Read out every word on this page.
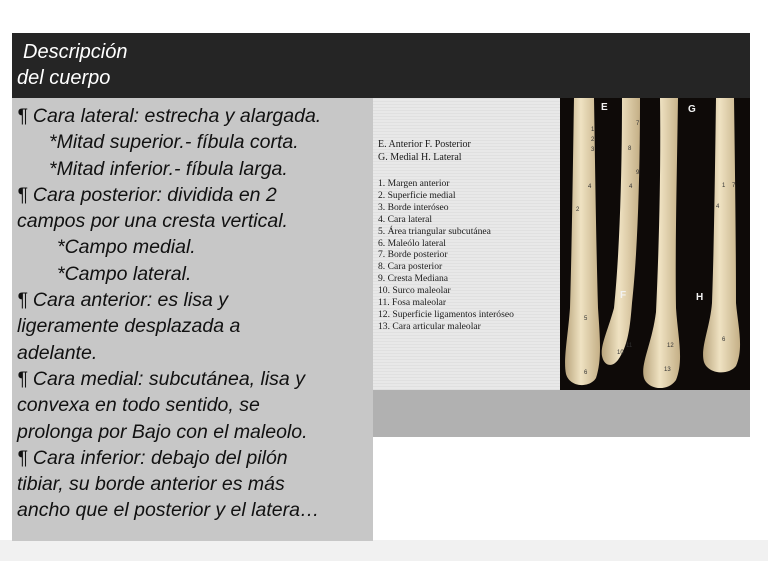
Descripción
del cuerpo
¶ Cara lateral: estrecha y alargada.
*Mitad superior.- fíbula corta.
*Mitad inferior.- fíbula larga.
¶ Cara posterior: dividida en 2
campos por una cresta vertical.
*Campo medial.
*Campo lateral.
¶ Cara anterior: es lisa y
ligeramente desplazada a
adelante.
¶ Cara medial: subcutánea, lisa y
convexa en todo sentido, se
prolonga por Bajo con el maleolo.
¶ Cara inferior: debajo del pilón
tibiar, su borde anterior es más
ancho que el posterior y el latera…
E. Anterior F. Posterior
G. Medial H. Lateral
1. Margen anterior
2. Superficie medial
3. Borde interóseo
4. Cara lateral
5. Área triangular subcutánea
6. Maleólo lateral
7. Borde posterior
8. Cara posterior
9. Cresta Mediana
10. Surco maleolar
11. Fosa maleolar
12. Superficie ligamentos interóseo
13. Cara articular maleolar
E	G
F	H
1
2
3
4
2
7
8
9
4
10
11	12
13
1 7
4
5
6
6
